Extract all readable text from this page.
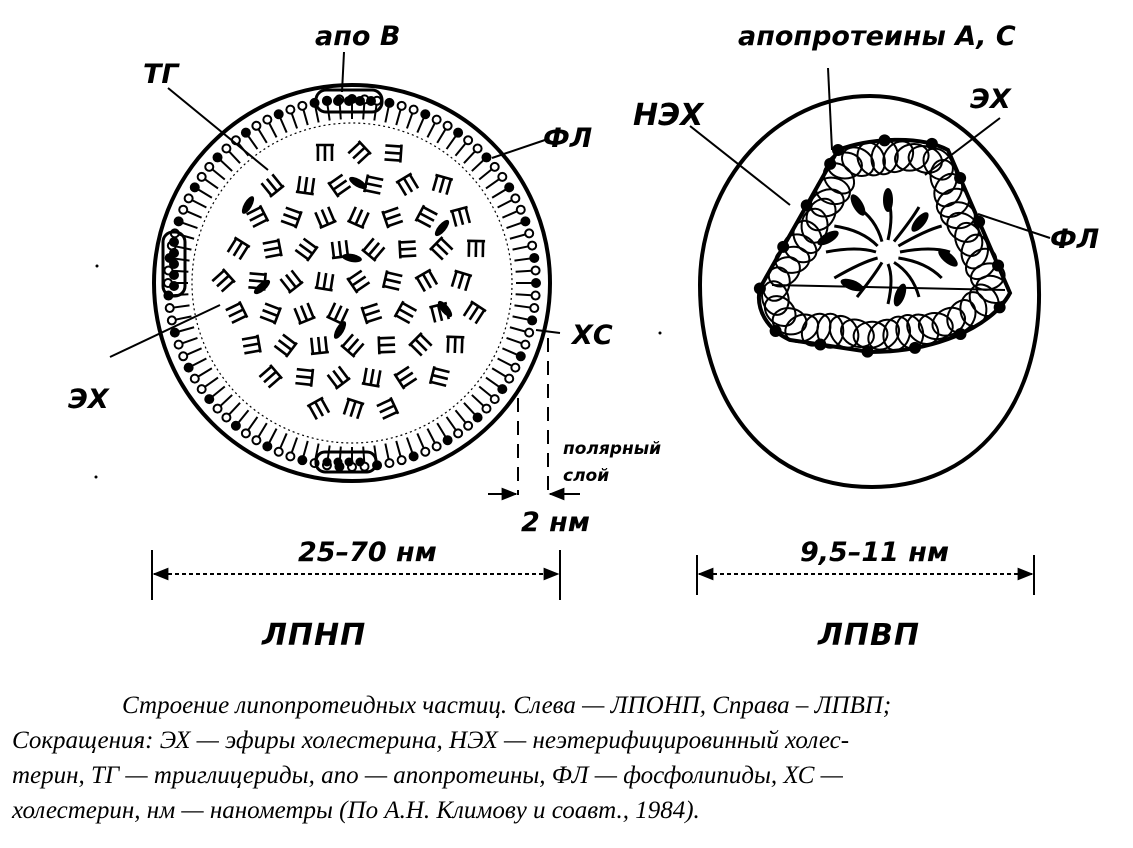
апо В
ТГ
ФЛ
ЭХ
ХС
полярный
слой
2 нм
25–70 нм
ЛПНП
апопротеины А, С
НЭХ	ЭХ
ФЛ
9,5–11 нм
ЛПВП
Строение липопротеидных частиц. Слева — ЛПОНП, Справа – ЛПВП;
Сокращения: ЭХ — эфиры холестерина, НЭХ — неэтерифицировинный холес-
терин, ТГ — триглицериды, апо — апопротеины, ФЛ — фосфолипиды, ХС —
холестерин, нм — нанометры (По А.Н. Климову и соавт., 1984).
